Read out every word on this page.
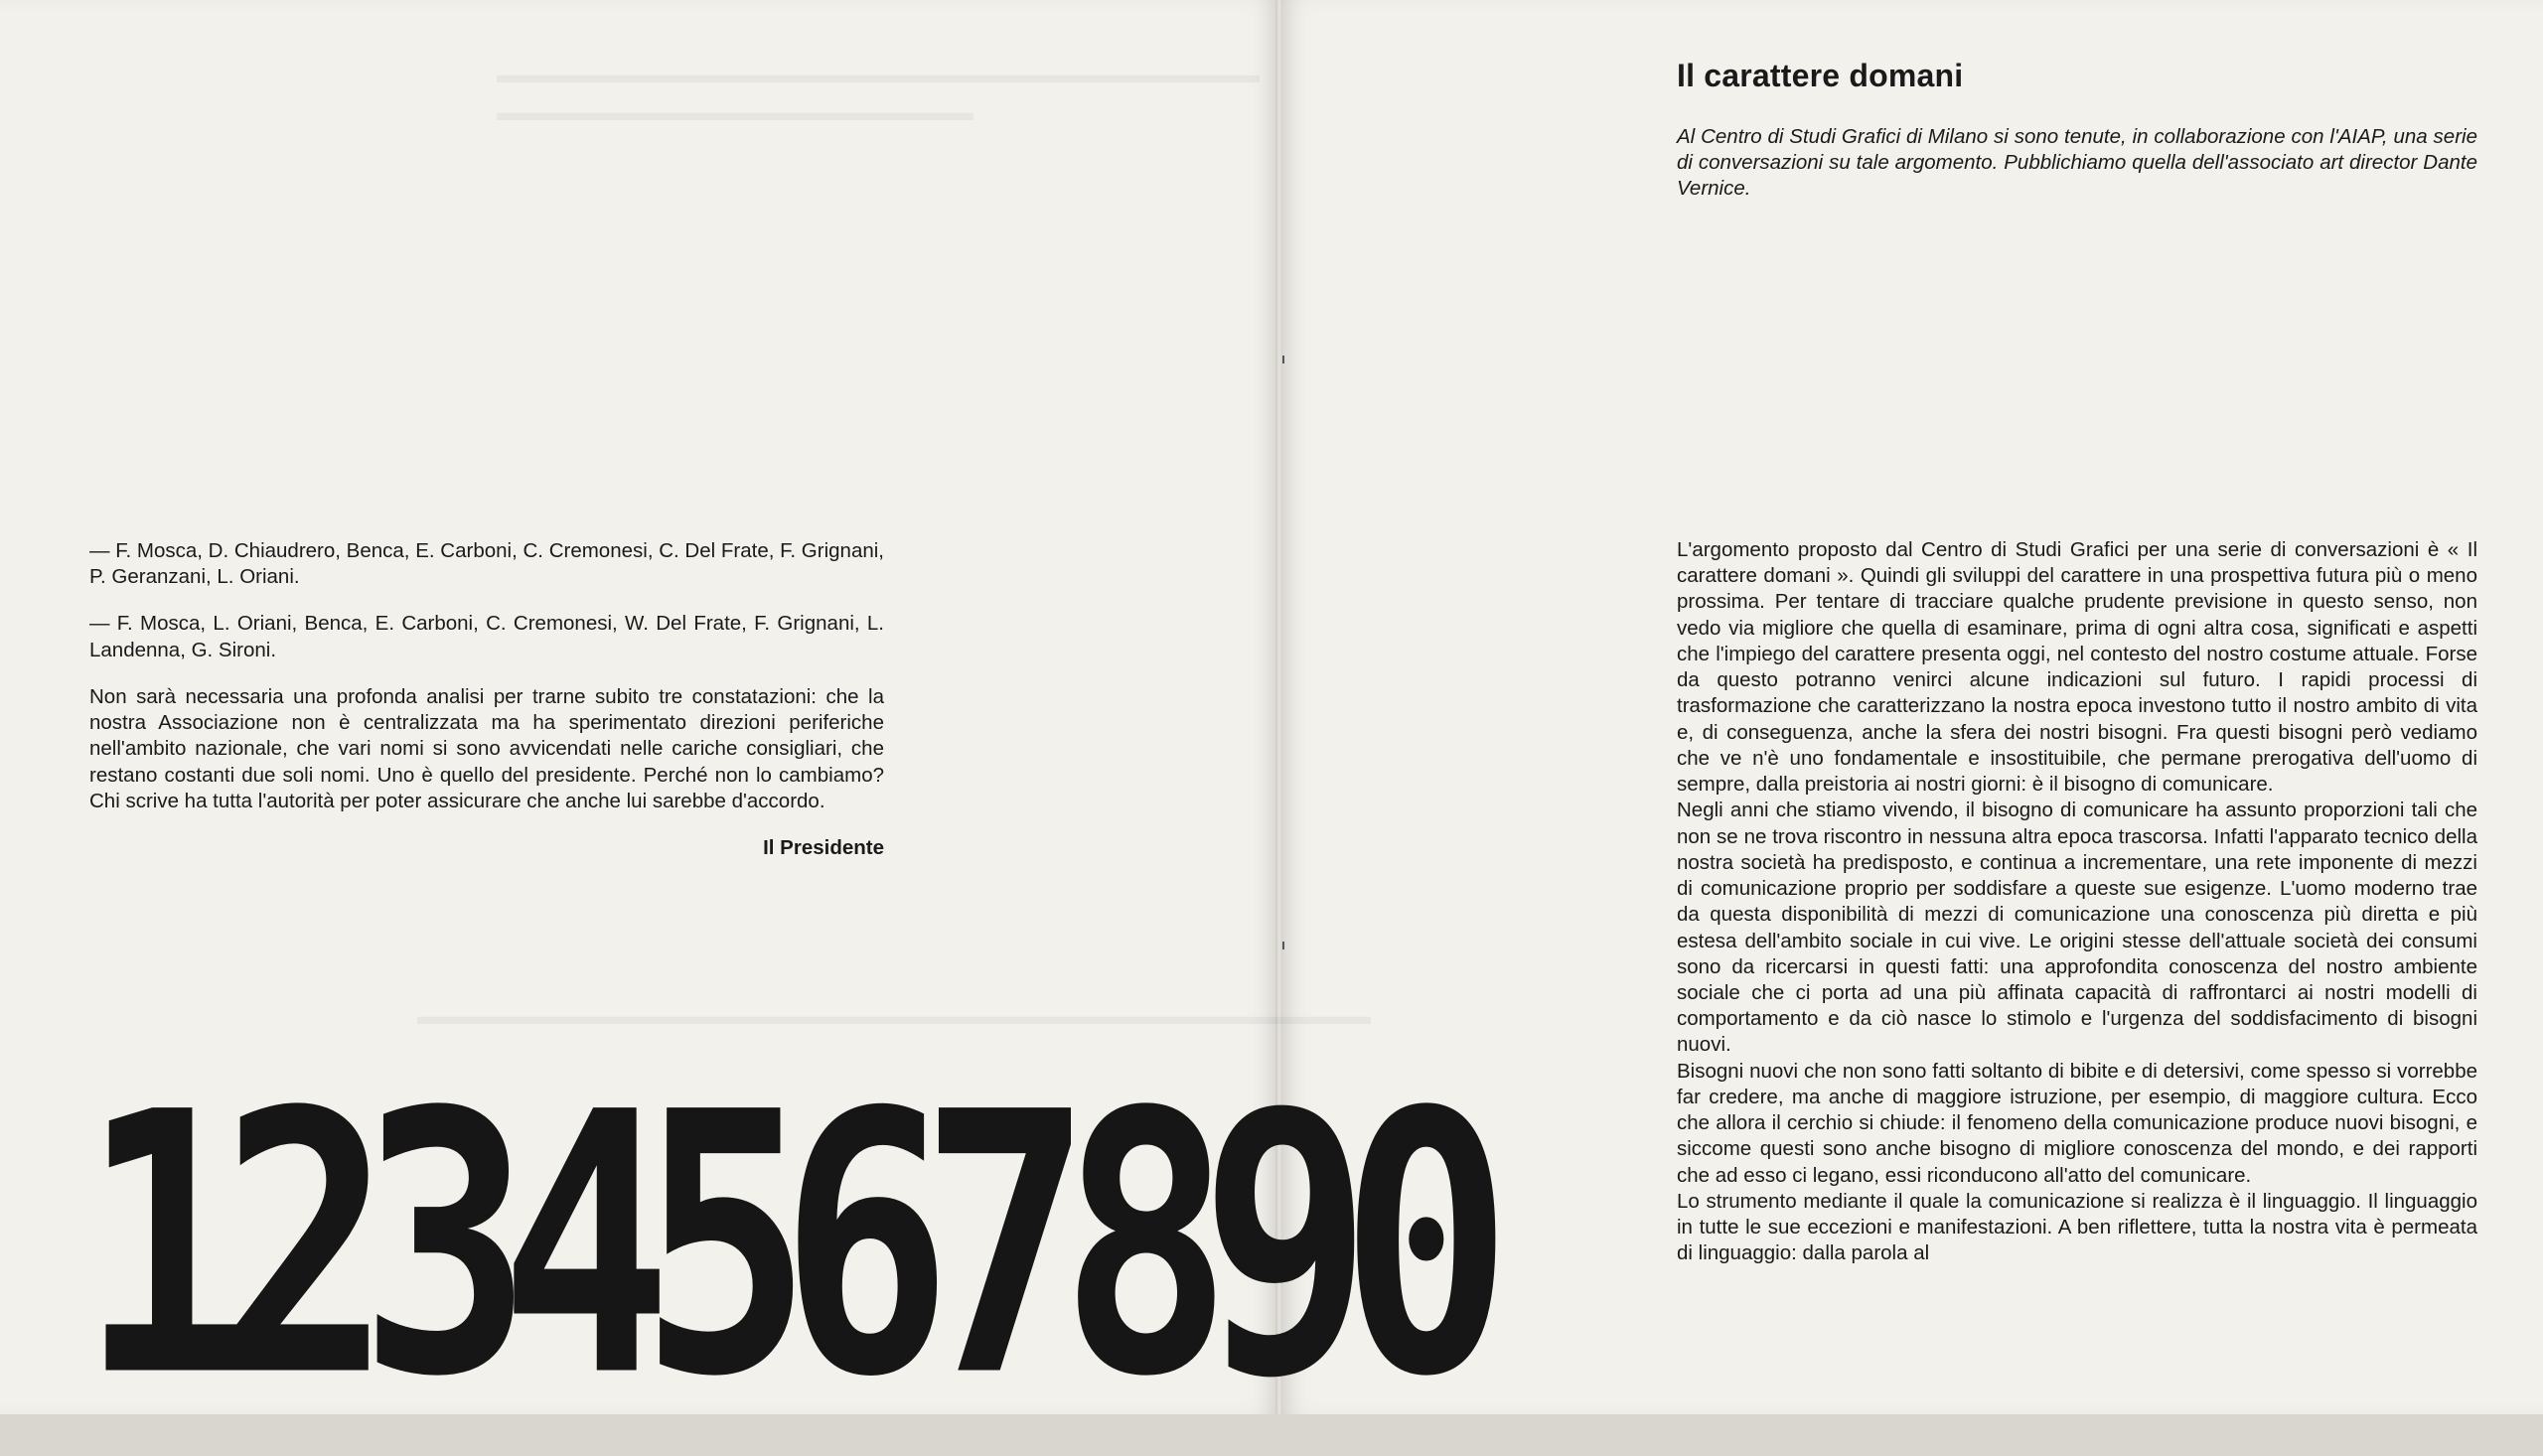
— F. Mosca, D. Chiaudrero, Benca, E. Carboni, C. Cremonesi, C. Del Frate, F. Grignani, P. Geranzani, L. Oriani.

— F. Mosca, L. Oriani, Benca, E. Carboni, C. Cremonesi, W. Del Frate, F. Grignani, L. Landenna, G. Sironi.

Non sarà necessaria una profonda analisi per trarne subito tre constatazioni: che la nostra Associazione non è centralizzata ma ha sperimentato direzioni periferiche nell'ambito nazionale, che vari nomi si sono avvicendati nelle cariche consigliari, che restano costanti due soli nomi. Uno è quello del presidente. Perché non lo cambiamo? Chi scrive ha tutta l'autorità per poter assicurare che anche lui sarebbe d'accordo.

Il Presidente
1234567890
Il carattere domani

Al Centro di Studi Grafici di Milano si sono tenute, in collaborazione con l'AIAP, una serie di conversazioni su tale argomento. Pubblichiamo quella dell'associato art director Dante Vernice.

L'argomento proposto dal Centro di Studi Grafici per una serie di conversazioni è « Il carattere domani ». Quindi gli sviluppi del carattere in una prospettiva futura più o meno prossima. Per tentare di tracciare qualche prudente previsione in questo senso, non vedo via migliore che quella di esaminare, prima di ogni altra cosa, significati e aspetti che l'impiego del carattere presenta oggi, nel contesto del nostro costume attuale. Forse da questo potranno venirci alcune indicazioni sul futuro. I rapidi processi di trasformazione che caratterizzano la nostra epoca investono tutto il nostro ambito di vita e, di conseguenza, anche la sfera dei nostri bisogni. Fra questi bisogni però vediamo che ve n'è uno fondamentale e insostituibile, che permane prerogativa dell'uomo di sempre, dalla preistoria ai nostri giorni: è il bisogno di comunicare.

Negli anni che stiamo vivendo, il bisogno di comunicare ha assunto proporzioni tali che non se ne trova riscontro in nessuna altra epoca trascorsa. Infatti l'apparato tecnico della nostra società ha predisposto, e continua a incrementare, una rete imponente di mezzi di comunicazione proprio per soddisfare a queste sue esigenze. L'uomo moderno trae da questa disponibilità di mezzi di comunicazione una conoscenza più diretta e più estesa dell'ambito sociale in cui vive. Le origini stesse dell'attuale società dei consumi sono da ricercarsi in questi fatti: una approfondita conoscenza del nostro ambiente sociale che ci porta ad una più affinata capacità di raffrontarci ai nostri modelli di comportamento e da ciò nasce lo stimolo e l'urgenza del soddisfacimento di bisogni nuovi.

Bisogni nuovi che non sono fatti soltanto di bibite e di detersivi, come spesso si vorrebbe far credere, ma anche di maggiore istruzione, per esempio, di maggiore cultura. Ecco che allora il cerchio si chiude: il fenomeno della comunicazione produce nuovi bisogni, e siccome questi sono anche bisogno di migliore conoscenza del mondo, e dei rapporti che ad esso ci legano, essi riconducono all'atto del comunicare.

Lo strumento mediante il quale la comunicazione si realizza è il linguaggio. Il linguaggio in tutte le sue eccezioni e manifestazioni. A ben riflettere, tutta la nostra vita è permeata di linguaggio: dalla parola al
